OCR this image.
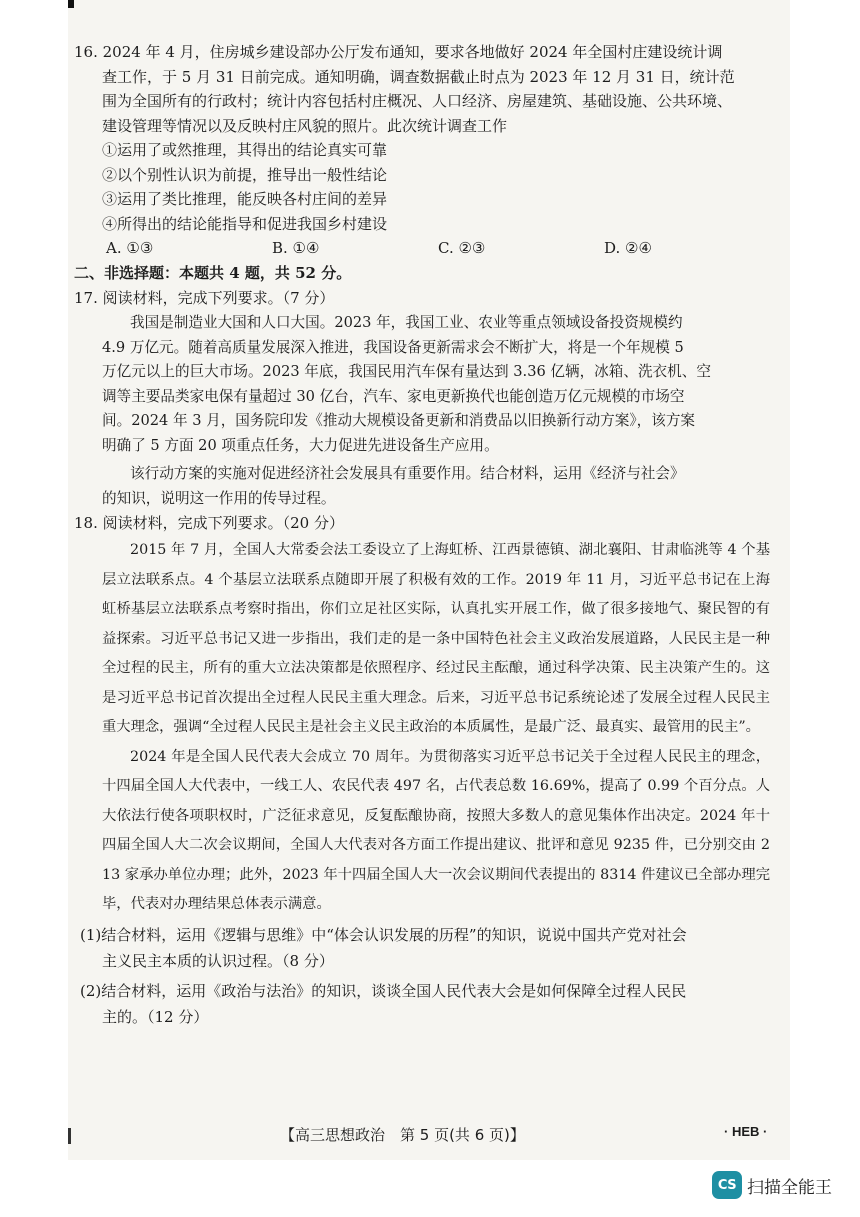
16. 2024 年 4 月，住房城乡建设部办公厅发布通知，要求各地做好 2024 年全国村庄建设统计调
查工作，于 5 月 31 日前完成。通知明确，调查数据截止时点为 2023 年 12 月 31 日，统计范
围为全国所有的行政村；统计内容包括村庄概况、人口经济、房屋建筑、基础设施、公共环境、
建设管理等情况以及反映村庄风貌的照片。此次统计调查工作
①运用了或然推理，其得出的结论真实可靠
②以个别性认识为前提，推导出一般性结论
③运用了类比推理，能反映各村庄间的差异
④所得出的结论能指导和促进我国乡村建设
A. ①③	B. ①④	C. ②③	D. ②④
二、非选择题：本题共 4 题，共 52 分。
17. 阅读材料，完成下列要求。（7 分）
我国是制造业大国和人口大国。2023 年，我国工业、农业等重点领域设备投资规模约
4.9 万亿元。随着高质量发展深入推进，我国设备更新需求会不断扩大，将是一个年规模 5
万亿元以上的巨大市场。2023 年底，我国民用汽车保有量达到 3.36 亿辆，冰箱、洗衣机、空
调等主要品类家电保有量超过 30 亿台，汽车、家电更新换代也能创造万亿元规模的市场空
间。2024 年 3 月，国务院印发《推动大规模设备更新和消费品以旧换新行动方案》，该方案
明确了 5 方面 20 项重点任务，大力促进先进设备生产应用。
该行动方案的实施对促进经济社会发展具有重要作用。结合材料，运用《经济与社会》
的知识，说明这一作用的传导过程。
18. 阅读材料，完成下列要求。（20 分）
2015 年 7 月，全国人大常委会法工委设立了上海虹桥、江西景德镇、湖北襄阳、甘肃临洮等 4 个基层立法联系点。4 个基层立法联系点随即开展了积极有效的工作。2019 年 11 月，习近平总书记在上海虹桥基层立法联系点考察时指出，你们立足社区实际，认真扎实开展工作，做了很多接地气、聚民智的有益探索。习近平总书记又进一步指出，我们走的是一条中国特色社会主义政治发展道路，人民民主是一种全过程的民主，所有的重大立法决策都是依照程序、经过民主酝酿，通过科学决策、民主决策产生的。这是习近平总书记首次提出全过程人民民主重大理念。后来，习近平总书记系统论述了发展全过程人民民主重大理念，强调“全过程人民民主是社会主义民主政治的本质属性，是最广泛、最真实、最管用的民主”。
2024 年是全国人民代表大会成立 70 周年。为贯彻落实习近平总书记关于全过程人民民主的理念，十四届全国人大代表中，一线工人、农民代表 497 名，占代表总数 16.69%，提高了 0.99 个百分点。人大依法行使各项职权时，广泛征求意见，反复酝酿协商，按照大多数人的意见集体作出决定。2024 年十四届全国人大二次会议期间，全国人大代表对各方面工作提出建议、批评和意见 9235 件，已分别交由 213 家承办单位办理；此外，2023 年十四届全国人大一次会议期间代表提出的 8314 件建议已全部办理完毕，代表对办理结果总体表示满意。
(1)结合材料，运用《逻辑与思维》中“体会认识发展的历程”的知识，说说中国共产党对社会
主义民主本质的认识过程。（8 分）
(2)结合材料，运用《政治与法治》的知识，谈谈全国人民代表大会是如何保障全过程人民民
主的。（12 分）
【高三思想政治　第 5 页(共 6 页)】	· HEB ·
CS 扫描全能王
